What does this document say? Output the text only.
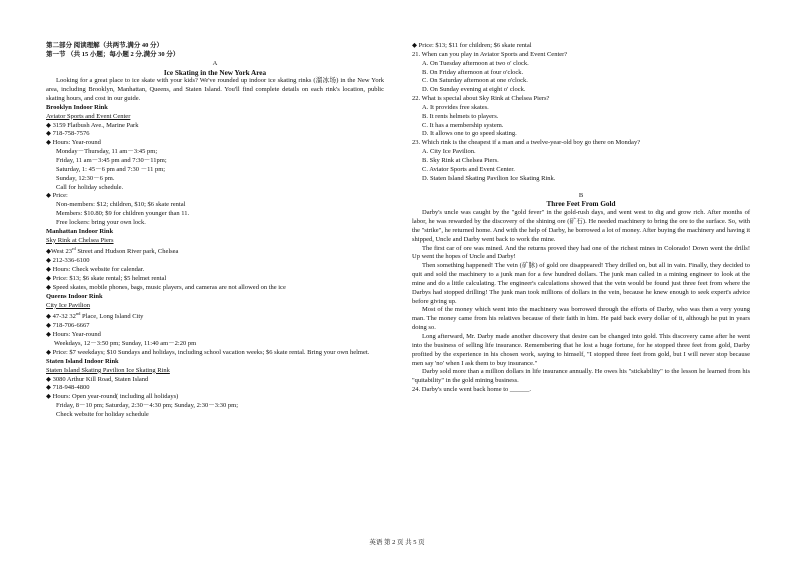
第二部分 阅读理解（共两节,满分 40 分）
第一节 （共 15 小题；每小题 2 分,满分 30 分）
A
Ice Skating in the New York Area
Looking for a great place to ice skate with your kids? We've rounded up indoor ice skating rinks (溜冰场) in the New York area, including Brooklyn, Manhattan, Queens, and Staten Island. You'll find complete details on each rink's location, public skating hours, and cost in our guide.
Brooklyn Indoor Rink
Aviator Sports and Event Center
◆ 3159 Flatbush Ave., Marine Park
◆ 718-758-7576
◆ Hours: Year-round
Monday－Thursday, 11 am－3:45 pm;
Friday, 11 am－3:45 pm and 7:30－11pm;
Saturday, 1: 45－6 pm and 7:30 －11 pm;
Sunday, 12:30－6 pm.
Call for holiday schedule.
◆ Price:
Non-members: $12; children, $10; $6 skate rental
Members: $10.80; $9 for children younger than 11.
Free lockers: bring your own lock.
Manhattan Indoor Rink
Sky Rink at Chelsea Piers
◆West 23rd Street and Hudson River park, Chelsea
◆ 212-336-6100
◆ Hours: Check website for calendar.
◆ Price: $13; $6 skate rental; $5 helmet rental
◆ Speed skates, mobile phones, bags, music players, and cameras are not allowed on the ice
Queens Indoor Rink
City Ice Pavilion
◆ 47-32 32nd Place, Long Island City
◆ 718-706-6667
◆ Hours: Year-round
Weekdays, 12－3:50 pm; Sunday, 11:40 am－2:20 pm
◆ Price: $7 weekdays; $10 Sundays and holidays, including school vacation weeks; $6 skate rental. Bring your own helmet.
Staten Island Indoor Rink
Staten Island Skating Pavilion Ice Skating Rink
◆ 3080 Arthur Kill Road, Staten Island
◆ 718-948-4800
◆ Hours: Open year-round( including all holidays)
Friday, 8－10 pm; Saturday, 2:30－4:30 pm; Sunday, 2:30－3:30 pm;
Check website for holiday schedule
◆ Price: $13; $11 for children; $6 skate rental
21. When can you play in Aviator Sports and Event Center?
A. On Tuesday afternoon at two o' clock.
B. On Friday afternoon at four o'clock.
C. On Saturday afternoon at one o'clock.
D. On Sunday evening at eight o' clock.
22. What is special about Sky Rink at Chelsea Piers?
A. It provides free skates.
B. It rents helmets to players.
C. It has a membership system.
D. It allows one to go speed skating.
23. Which rink is the cheapest if a man and a twelve-year-old boy go there on Monday?
A. City Ice Pavilion.
B. Sky Rink at Chelsea Piers.
C. Aviator Sports and Event Center.
D. Staten Island Skating Pavilion Ice Skating Rink.
B
Three Feet From Gold
Darby's uncle was caught by the "gold fever" in the gold-rush days, and went west to dig and grow rich. After months of labor, he was rewarded by the discovery of the shining ore (矿石). He needed machinery to bring the ore to the surface. So, with the "strike", he returned home. And with the help of Darby, he borrowed a lot of money. After buying the machinery and having it shipped, Uncle and Darby went back to work the mine.
The first car of ore was mined. And the returns proved they had one of the richest mines in Colorado! Down went the drills! Up went the hopes of Uncle and Darby!
Then something happened! The vein (矿脉) of gold ore disappeared! They drilled on, but all in vain. Finally, they decided to quit and sold the machinery to a junk man for a few hundred dollars. The junk man called in a mining engineer to look at the mine and do a little calculating. The engineer's calculations showed that the vein would be found just three feet from where the Darbys had stopped drilling! The junk man took millions of dollars in the vein, because he knew enough to seek expert's advice before giving up.
Most of the money which went into the machinery was borrowed through the efforts of Darby, who was then a very young man. The money came from his relatives because of their faith in him. He paid back every dollar of it, although he put in years doing so.
Long afterward, Mr. Darby made another discovery that desire can be changed into gold. This discovery came after he went into the business of selling life insurance. Remembering that he lost a huge fortune, for he stopped three feet from gold, Darby profited by the experience in his chosen work, saying to himself, "I stopped three feet from gold, but I will never stop because men say 'no' when I ask them to buy insurance."
Darby sold more than a million dollars in life insurance annually. He owes his "stickability" to the lesson he learned from his "quitability" in the gold mining business.
24. Darby's uncle went back home to ______.
英语 第 2 页 共 5 页
